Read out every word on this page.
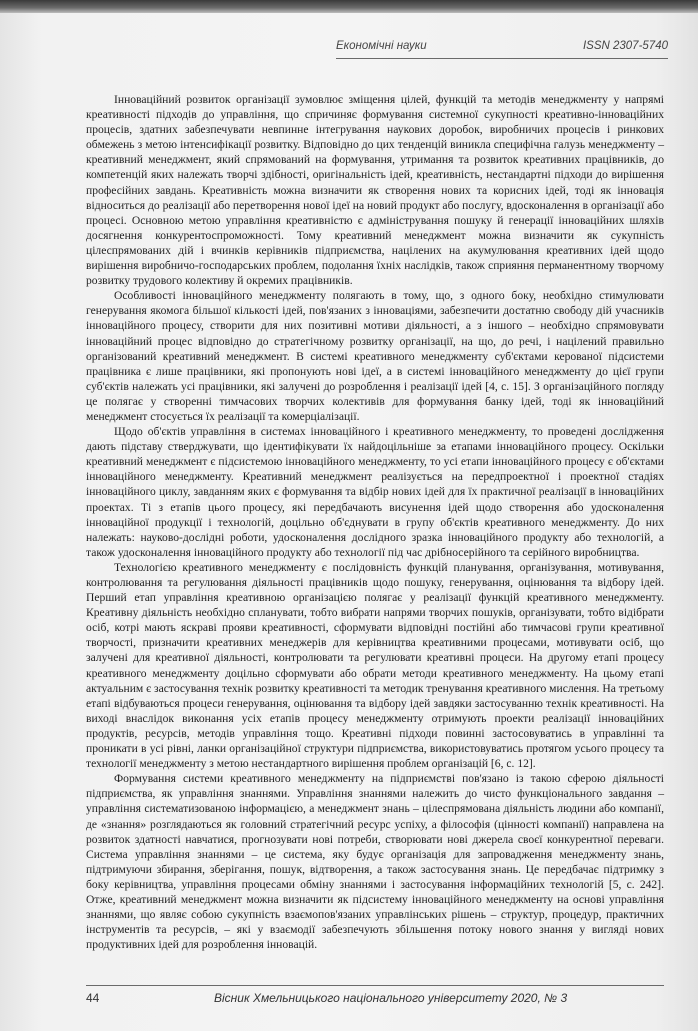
Економічні науки	ISSN 2307-5740

Інноваційний розвиток організації зумовлює зміщення цілей, функцій та методів менеджменту у напрямі креативності підходів до управління, що спричиняє формування системної сукупності креативно-інноваційних процесів, здатних забезпечувати невпинне інтегрування наукових доробок, виробничих процесів і ринкових обмежень з метою інтенсифікації розвитку. Відповідно до цих тенденцій виникла специфічна галузь менеджменту – креативний менеджмент, який спрямований на формування, утримання та розвиток креативних працівників, до компетенцій яких належать творчі здібності, оригінальність ідей, креативність, нестандартні підходи до вирішення професійних завдань. Креативність можна визначити як створення нових та корисних ідей, тоді як інновація відноситься до реалізації або перетворення нової ідеї на новий продукт або послугу, вдосконалення в організації або процесі. Основною метою управління креативністю є адміністрування пошуку й генерації інноваційних шляхів досягнення конкурентоспроможності. Тому креативний менеджмент можна визначити як сукупність цілеспрямованих дій і вчинків керівників підприємства, націлених на акумулювання креативних ідей щодо вирішення виробничо-господарських проблем, подолання їхніх наслідків, також сприяння перманентному творчому розвитку трудового колективу й окремих працівників.

Особливості інноваційного менеджменту полягають в тому, що, з одного боку, необхідно стимулювати генерування якомога більшої кількості ідей, пов'язаних з інноваціями, забезпечити достатню свободу дій учасників інноваційного процесу, створити для них позитивні мотиви діяльності, а з іншого – необхідно спрямовувати інноваційний процес відповідно до стратегічному розвитку організації, на що, до речі, і націлений правильно організований креативний менеджмент. В системі креативного менеджменту суб'єктами керованої підсистеми працівника є лише працівники, які пропонують нові ідеї, а в системі інноваційного менеджменту до цієї групи суб'єктів належать усі працівники, які залучені до розроблення і реалізації ідей [4, с. 15]. З організаційного погляду це полягає у створенні тимчасових творчих колективів для формування банку ідей, тоді як інноваційний менеджмент стосується їх реалізації та комерціалізації.

Щодо об'єктів управління в системах інноваційного і креативного менеджменту, то проведені дослідження дають підставу стверджувати, що ідентифікувати їх найдоцільніше за етапами інноваційного процесу. Оскільки креативний менеджмент є підсистемою інноваційного менеджменту, то усі етапи інноваційного процесу є об'єктами інноваційного менеджменту. Креативний менеджмент реалізується на передпроектної і проектної стадіях інноваційного циклу, завданням яких є формування та відбір нових ідей для їх практичної реалізації в інноваційних проектах. Ті з етапів цього процесу, які передбачають висунення ідей щодо створення або удосконалення інноваційної продукції і технологій, доцільно об'єднувати в групу об'єктів креативного менеджменту. До них належать: науково-дослідні роботи, удосконалення дослідного зразка інноваційного продукту або технологій, а також удосконалення інноваційного продукту або технології під час дрібносерійного та серійного виробництва.

Технологією креативного менеджменту є послідовність функцій планування, організування, мотивування, контролювання та регулювання діяльності працівників щодо пошуку, генерування, оцінювання та відбору ідей. Перший етап управління креативною організацією полягає у реалізації функцій креативного менеджменту. Креативну діяльність необхідно спланувати, тобто вибрати напрями творчих пошуків, організувати, тобто відібрати осіб, котрі мають яскраві прояви креативності, сформувати відповідні постійні або тимчасові групи креативної творчості, призначити креативних менеджерів для керівництва креативними процесами, мотивувати осіб, що залучені для креативної діяльності, контролювати та регулювати креативні процеси. На другому етапі процесу креативного менеджменту доцільно сформувати або обрати методи креативного менеджменту. На цьому етапі актуальним є застосування технік розвитку креативності та методик тренування креативного мислення. На третьому етапі відбуваються процеси генерування, оцінювання та відбору ідей завдяки застосуванню технік креативності. На виході внаслідок виконання усіх етапів процесу менеджменту отримують проекти реалізації інноваційних продуктів, ресурсів, методів управління тощо. Креативні підходи повинні застосовуватись в управлінні та проникати в усі рівні, ланки організаційної структури підприємства, використовуватись протягом усього процесу та технології менеджменту з метою нестандартного вирішення проблем організацій [6, с. 12].

Формування системи креативного менеджменту на підприємстві пов'язано із такою сферою діяльності підприємства, як управління знаннями. Управління знаннями належить до чисто функціонального завдання – управління систематизованою інформацією, а менеджмент знань – цілеспрямована діяльність людини або компанії, де «знання» розглядаються як головний стратегічний ресурс успіху, а філософія (цінності компанії) направлена на розвиток здатності навчатися, прогнозувати нові потреби, створювати нові джерела своєї конкурентної переваги. Система управління знаннями – це система, яку будує організація для запровадження менеджменту знань, підтримуючи збирання, зберігання, пошук, відтворення, а також застосування знань. Це передбачає підтримку з боку керівництва, управління процесами обміну знаннями і застосування інформаційних технологій [5, с. 242]. Отже, креативний менеджмент можна визначити як підсистему інноваційного менеджменту на основі управління знаннями, що являє собою сукупність взаємопов'язаних управлінських рішень – структур, процедур, практичних інструментів та ресурсів, – які у взаємодії забезпечують збільшення потоку нового знання у вигляді нових продуктивних ідей для розроблення інновацій.

44	Вісник Хмельницького національного університету 2020, № 3
